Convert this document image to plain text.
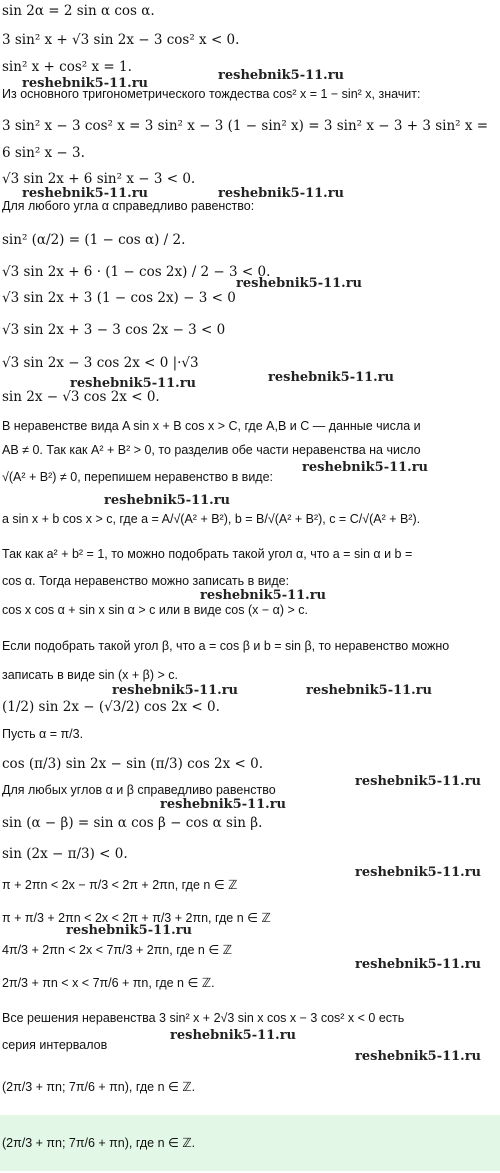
sin 2α = 2 sin α cos α.
3 sin² x + √3 sin 2x − 3 cos² x < 0.
sin² x + cos² x = 1.
Из основного тригонометрического тождества cos² x = 1 − sin² x, значит:
3 sin² x − 3 cos² x = 3 sin² x − 3 (1 − sin² x) = 3 sin² x − 3 + 3 sin² x =
6 sin² x − 3.
√3 sin 2x + 6 sin² x − 3 < 0.
Для любого угла α справедливо равенство:
sin² (α/2) = (1 − cos α) / 2.
√3 sin 2x + 6 · (1 − cos 2x) / 2 − 3 < 0.
√3 sin 2x + 3 (1 − cos 2x) − 3 < 0
√3 sin 2x + 3 − 3 cos 2x − 3 < 0
√3 sin 2x − 3 cos 2x < 0 |·√3
sin 2x − √3 cos 2x < 0.
В неравенстве вида A sin x + B cos x > C, где A,B и C — данные числа и
AB ≠ 0. Так как A² + B² > 0, то разделив обе части неравенства на число
√(A² + B²) ≠ 0, перепишем неравенство в виде:
a sin x + b cos x > c, где a = A/√(A² + B²), b = B/√(A² + B²), c = C/√(A² + B²).
Так как a² + b² = 1, то можно подобрать такой угол α, что a = sin α и b =
cos α. Тогда неравенство можно записать в виде:
cos x cos α + sin x sin α > c или в виде cos (x − α) > c.
Если подобрать такой угол β, что a = cos β и b = sin β, то неравенство можно
записать в виде sin (x + β) > c.
(1/2) sin 2x − (√3/2) cos 2x < 0.
Пусть α = π/3.
cos (π/3) sin 2x − sin (π/3) cos 2x < 0.
Для любых углов α и β справедливо равенство
sin (α − β) = sin α cos β − cos α sin β.
sin (2x − π/3) < 0.
π + 2πn < 2x − π/3 < 2π + 2πn, где n ∈ ℤ
π + π/3 + 2πn < 2x < 2π + π/3 + 2πn, где n ∈ ℤ
4π/3 + 2πn < 2x < 7π/3 + 2πn, где n ∈ ℤ
2π/3 + πn < x < 7π/6 + πn, где n ∈ ℤ.
Все решения неравенства 3 sin² x + 2√3 sin x cos x − 3 cos² x < 0 есть
серия интервалов
(2π/3 + πn; 7π/6 + πn), где n ∈ ℤ.
(2π/3 + πn; 7π/6 + πn), где n ∈ ℤ.
reshebnik5-11.ru
reshebnik5-11.ru
reshebnik5-11.ru	reshebnik5-11.ru
reshebnik5-11.ru
reshebnik5-11.ru	reshebnik5-11.ru
reshebnik5-11.ru
reshebnik5-11.ru
reshebnik5-11.ru
reshebnik5-11.ru	reshebnik5-11.ru
reshebnik5-11.ru
reshebnik5-11.ru
reshebnik5-11.ru
reshebnik5-11.ru
reshebnik5-11.ru
reshebnik5-11.ru
reshebnik5-11.ru
